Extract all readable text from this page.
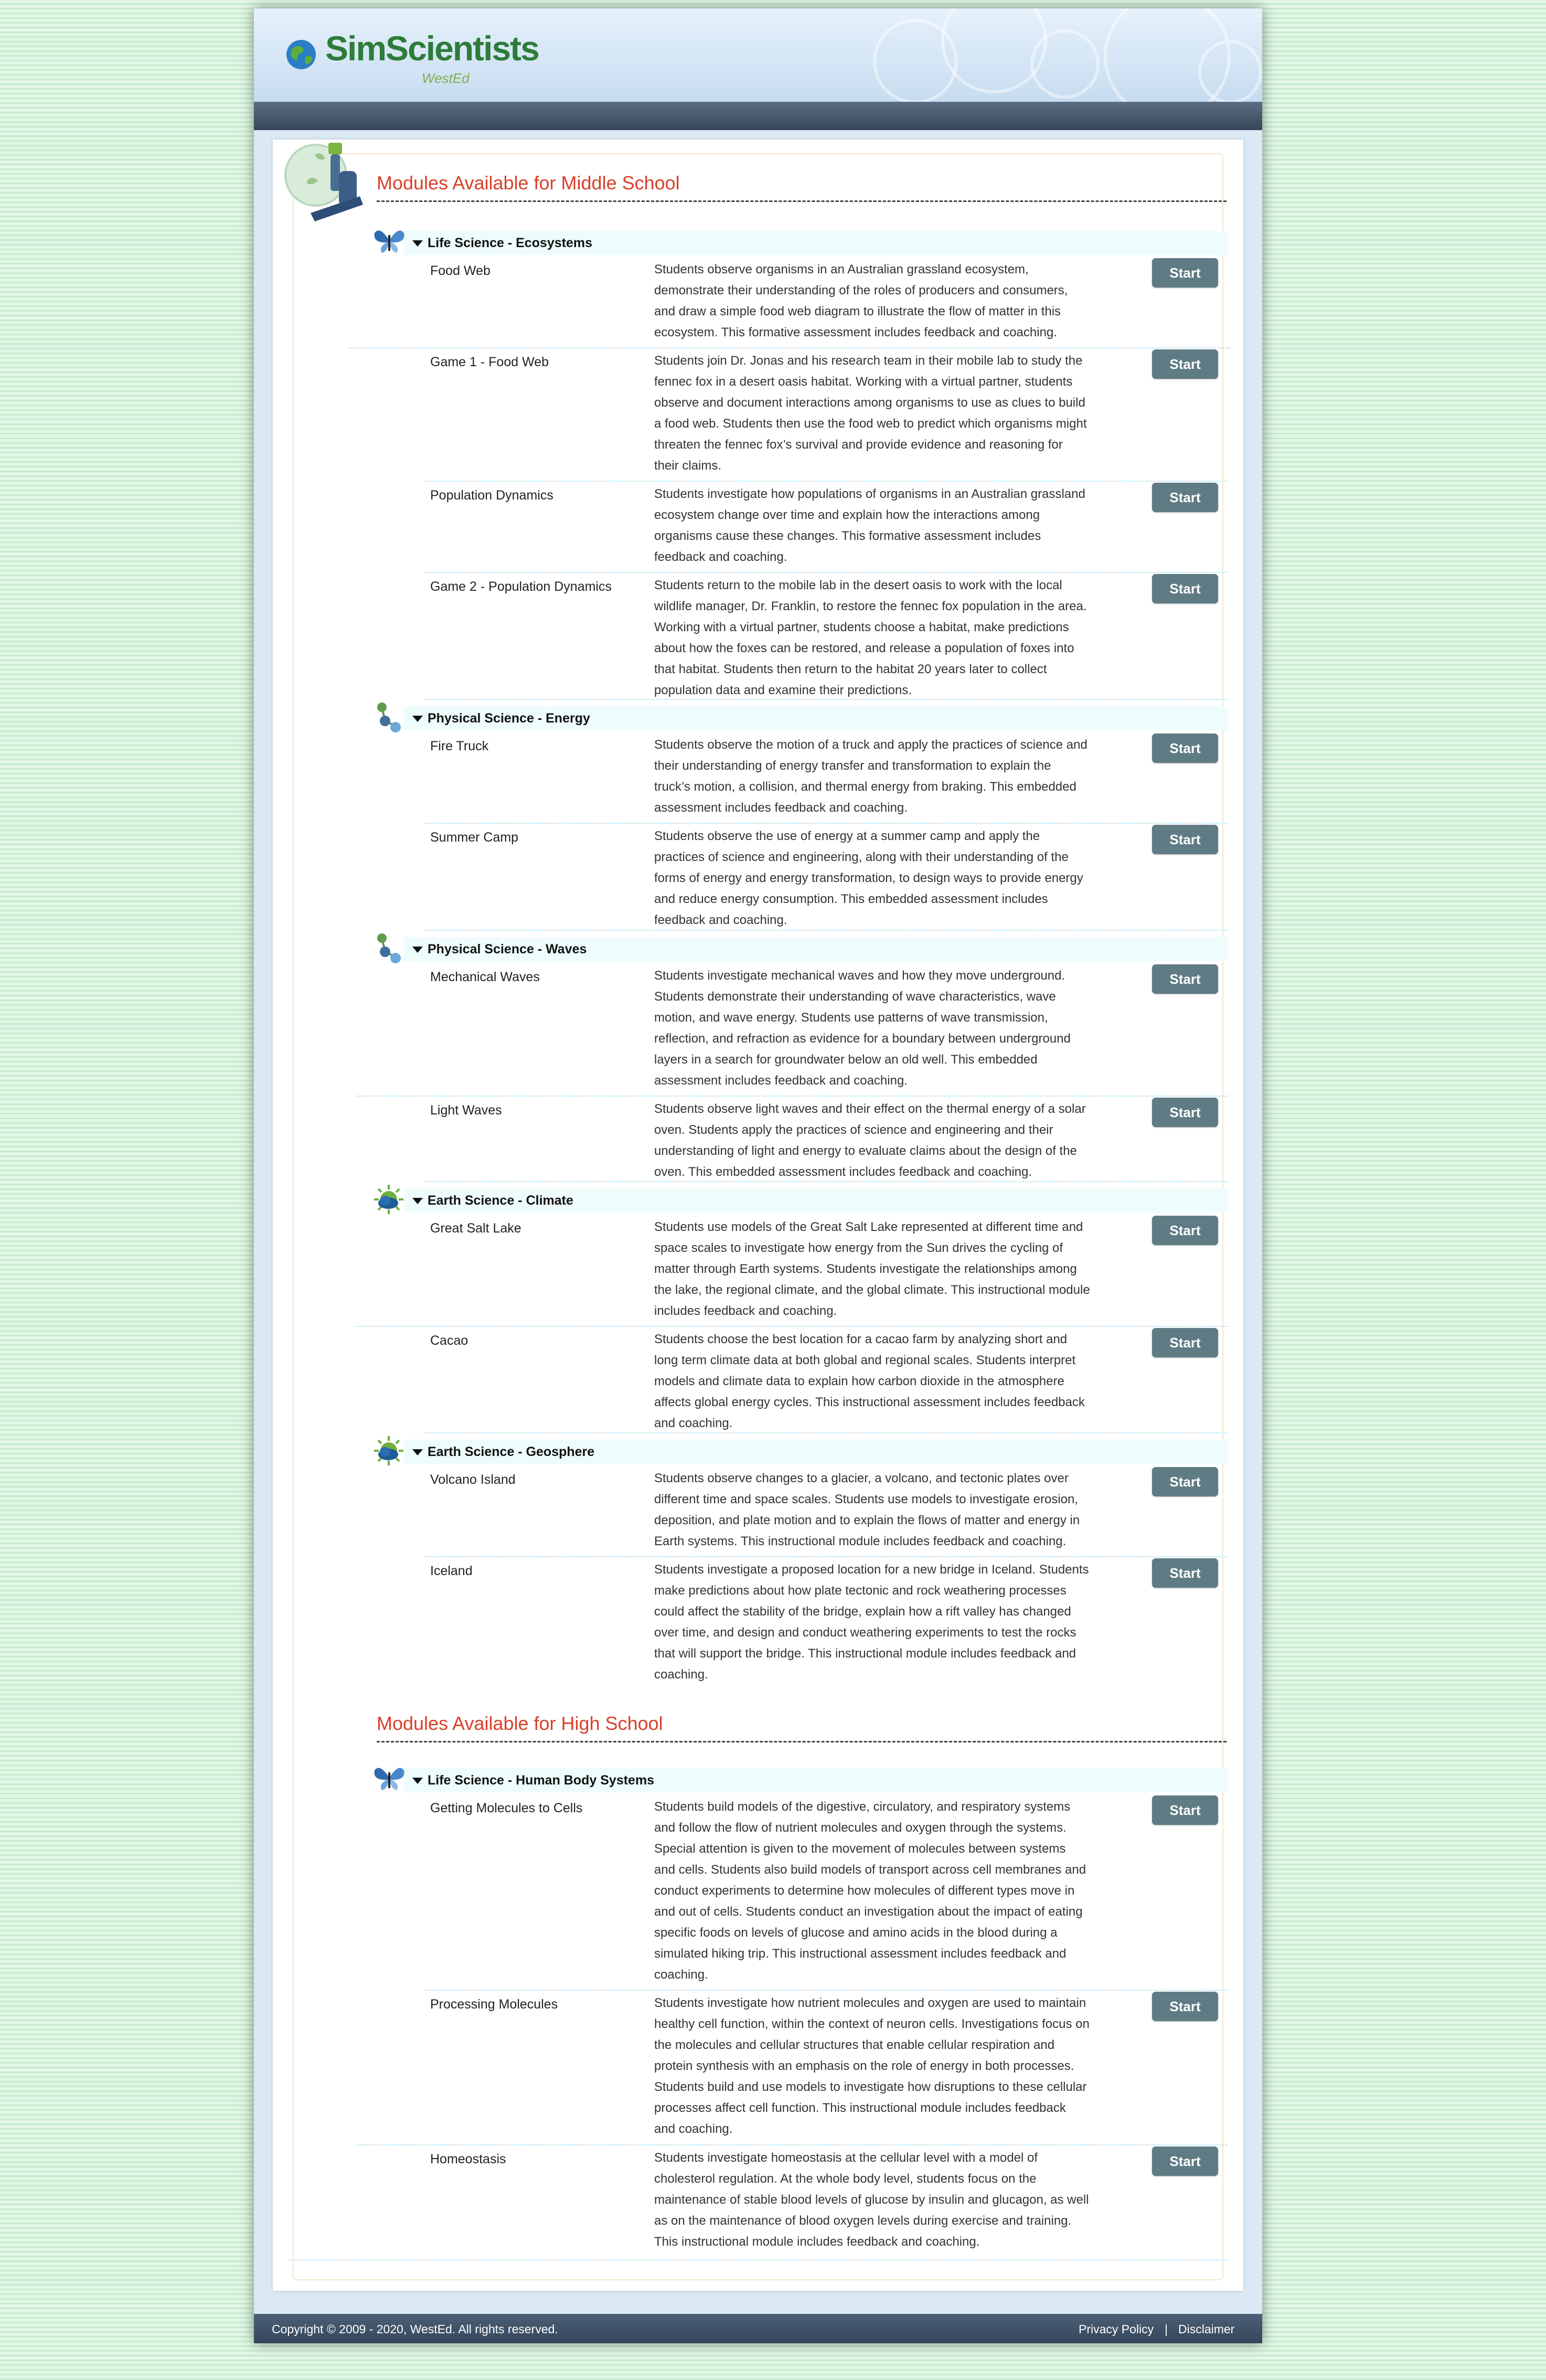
SimScientists
WestEd
Copyright © 2009 - 2020, WestEd. All rights reserved.	Privacy Policy | Disclaimer
Modules Available for Middle School
Life Science - Ecosystems
Food Web	Students observe organisms in an Australian grassland ecosystem,
demonstrate their understanding of the roles of producers and consumers,
and draw a simple food web diagram to illustrate the flow of matter in this
ecosystem. This formative assessment includes feedback and coaching.
Start
Game 1 - Food Web	Students join Dr. Jonas and his research team in their mobile lab to study the
fennec fox in a desert oasis habitat. Working with a virtual partner, students
observe and document interactions among organisms to use as clues to build
a food web. Students then use the food web to predict which organisms might
threaten the fennec fox’s survival and provide evidence and reasoning for
their claims.
Start
Population Dynamics	Students investigate how populations of organisms in an Australian grassland
ecosystem change over time and explain how the interactions among
organisms cause these changes. This formative assessment includes
feedback and coaching.
Start
Game 2 - Population Dynamics	Students return to the mobile lab in the desert oasis to work with the local
wildlife manager, Dr. Franklin, to restore the fennec fox population in the area.
Working with a virtual partner, students choose a habitat, make predictions
about how the foxes can be restored, and release a population of foxes into
that habitat. Students then return to the habitat 20 years later to collect
population data and examine their predictions.
Start
Physical Science - Energy
Fire Truck	Students observe the motion of a truck and apply the practices of science and
their understanding of energy transfer and transformation to explain the
truck’s motion, a collision, and thermal energy from braking. This embedded
assessment includes feedback and coaching.
Start
Summer Camp	Students observe the use of energy at a summer camp and apply the
practices of science and engineering, along with their understanding of the
forms of energy and energy transformation, to design ways to provide energy
and reduce energy consumption. This embedded assessment includes
feedback and coaching.
Start
Physical Science - Waves
Mechanical Waves	Students investigate mechanical waves and how they move underground.
Students demonstrate their understanding of wave characteristics, wave
motion, and wave energy. Students use patterns of wave transmission,
reflection, and refraction as evidence for a boundary between underground
layers in a search for groundwater below an old well. This embedded
assessment includes feedback and coaching.
Start
Light Waves	Students observe light waves and their effect on the thermal energy of a solar
oven. Students apply the practices of science and engineering and their
understanding of light and energy to evaluate claims about the design of the
oven. This embedded assessment includes feedback and coaching.
Start
Earth Science - Climate
Great Salt Lake	Students use models of the Great Salt Lake represented at different time and
space scales to investigate how energy from the Sun drives the cycling of
matter through Earth systems. Students investigate the relationships among
the lake, the regional climate, and the global climate. This instructional module
includes feedback and coaching.
Start
Cacao	Students choose the best location for a cacao farm by analyzing short and
long term climate data at both global and regional scales. Students interpret
models and climate data to explain how carbon dioxide in the atmosphere
affects global energy cycles. This instructional assessment includes feedback
and coaching.
Start
Earth Science - Geosphere
Volcano Island	Students observe changes to a glacier, a volcano, and tectonic plates over
different time and space scales. Students use models to investigate erosion,
deposition, and plate motion and to explain the flows of matter and energy in
Earth systems. This instructional module includes feedback and coaching.
Start
Iceland	Students investigate a proposed location for a new bridge in Iceland. Students
make predictions about how plate tectonic and rock weathering processes
could affect the stability of the bridge, explain how a rift valley has changed
over time, and design and conduct weathering experiments to test the rocks
that will support the bridge. This instructional module includes feedback and
coaching.
Start
Modules Available for High School
Life Science - Human Body Systems
Getting Molecules to Cells	Students build models of the digestive, circulatory, and respiratory systems
and follow the flow of nutrient molecules and oxygen through the systems.
Special attention is given to the movement of molecules between systems
and cells. Students also build models of transport across cell membranes and
conduct experiments to determine how molecules of different types move in
and out of cells. Students conduct an investigation about the impact of eating
specific foods on levels of glucose and amino acids in the blood during a
simulated hiking trip. This instructional assessment includes feedback and
coaching.
Start
Processing Molecules	Students investigate how nutrient molecules and oxygen are used to maintain
healthy cell function, within the context of neuron cells. Investigations focus on
the molecules and cellular structures that enable cellular respiration and
protein synthesis with an emphasis on the role of energy in both processes.
Students build and use models to investigate how disruptions to these cellular
processes affect cell function. This instructional module includes feedback
and coaching.
Start
Homeostasis	Students investigate homeostasis at the cellular level with a model of
cholesterol regulation. At the whole body level, students focus on the
maintenance of stable blood levels of glucose by insulin and glucagon, as well
as on the maintenance of blood oxygen levels during exercise and training.
This instructional module includes feedback and coaching.
Start
